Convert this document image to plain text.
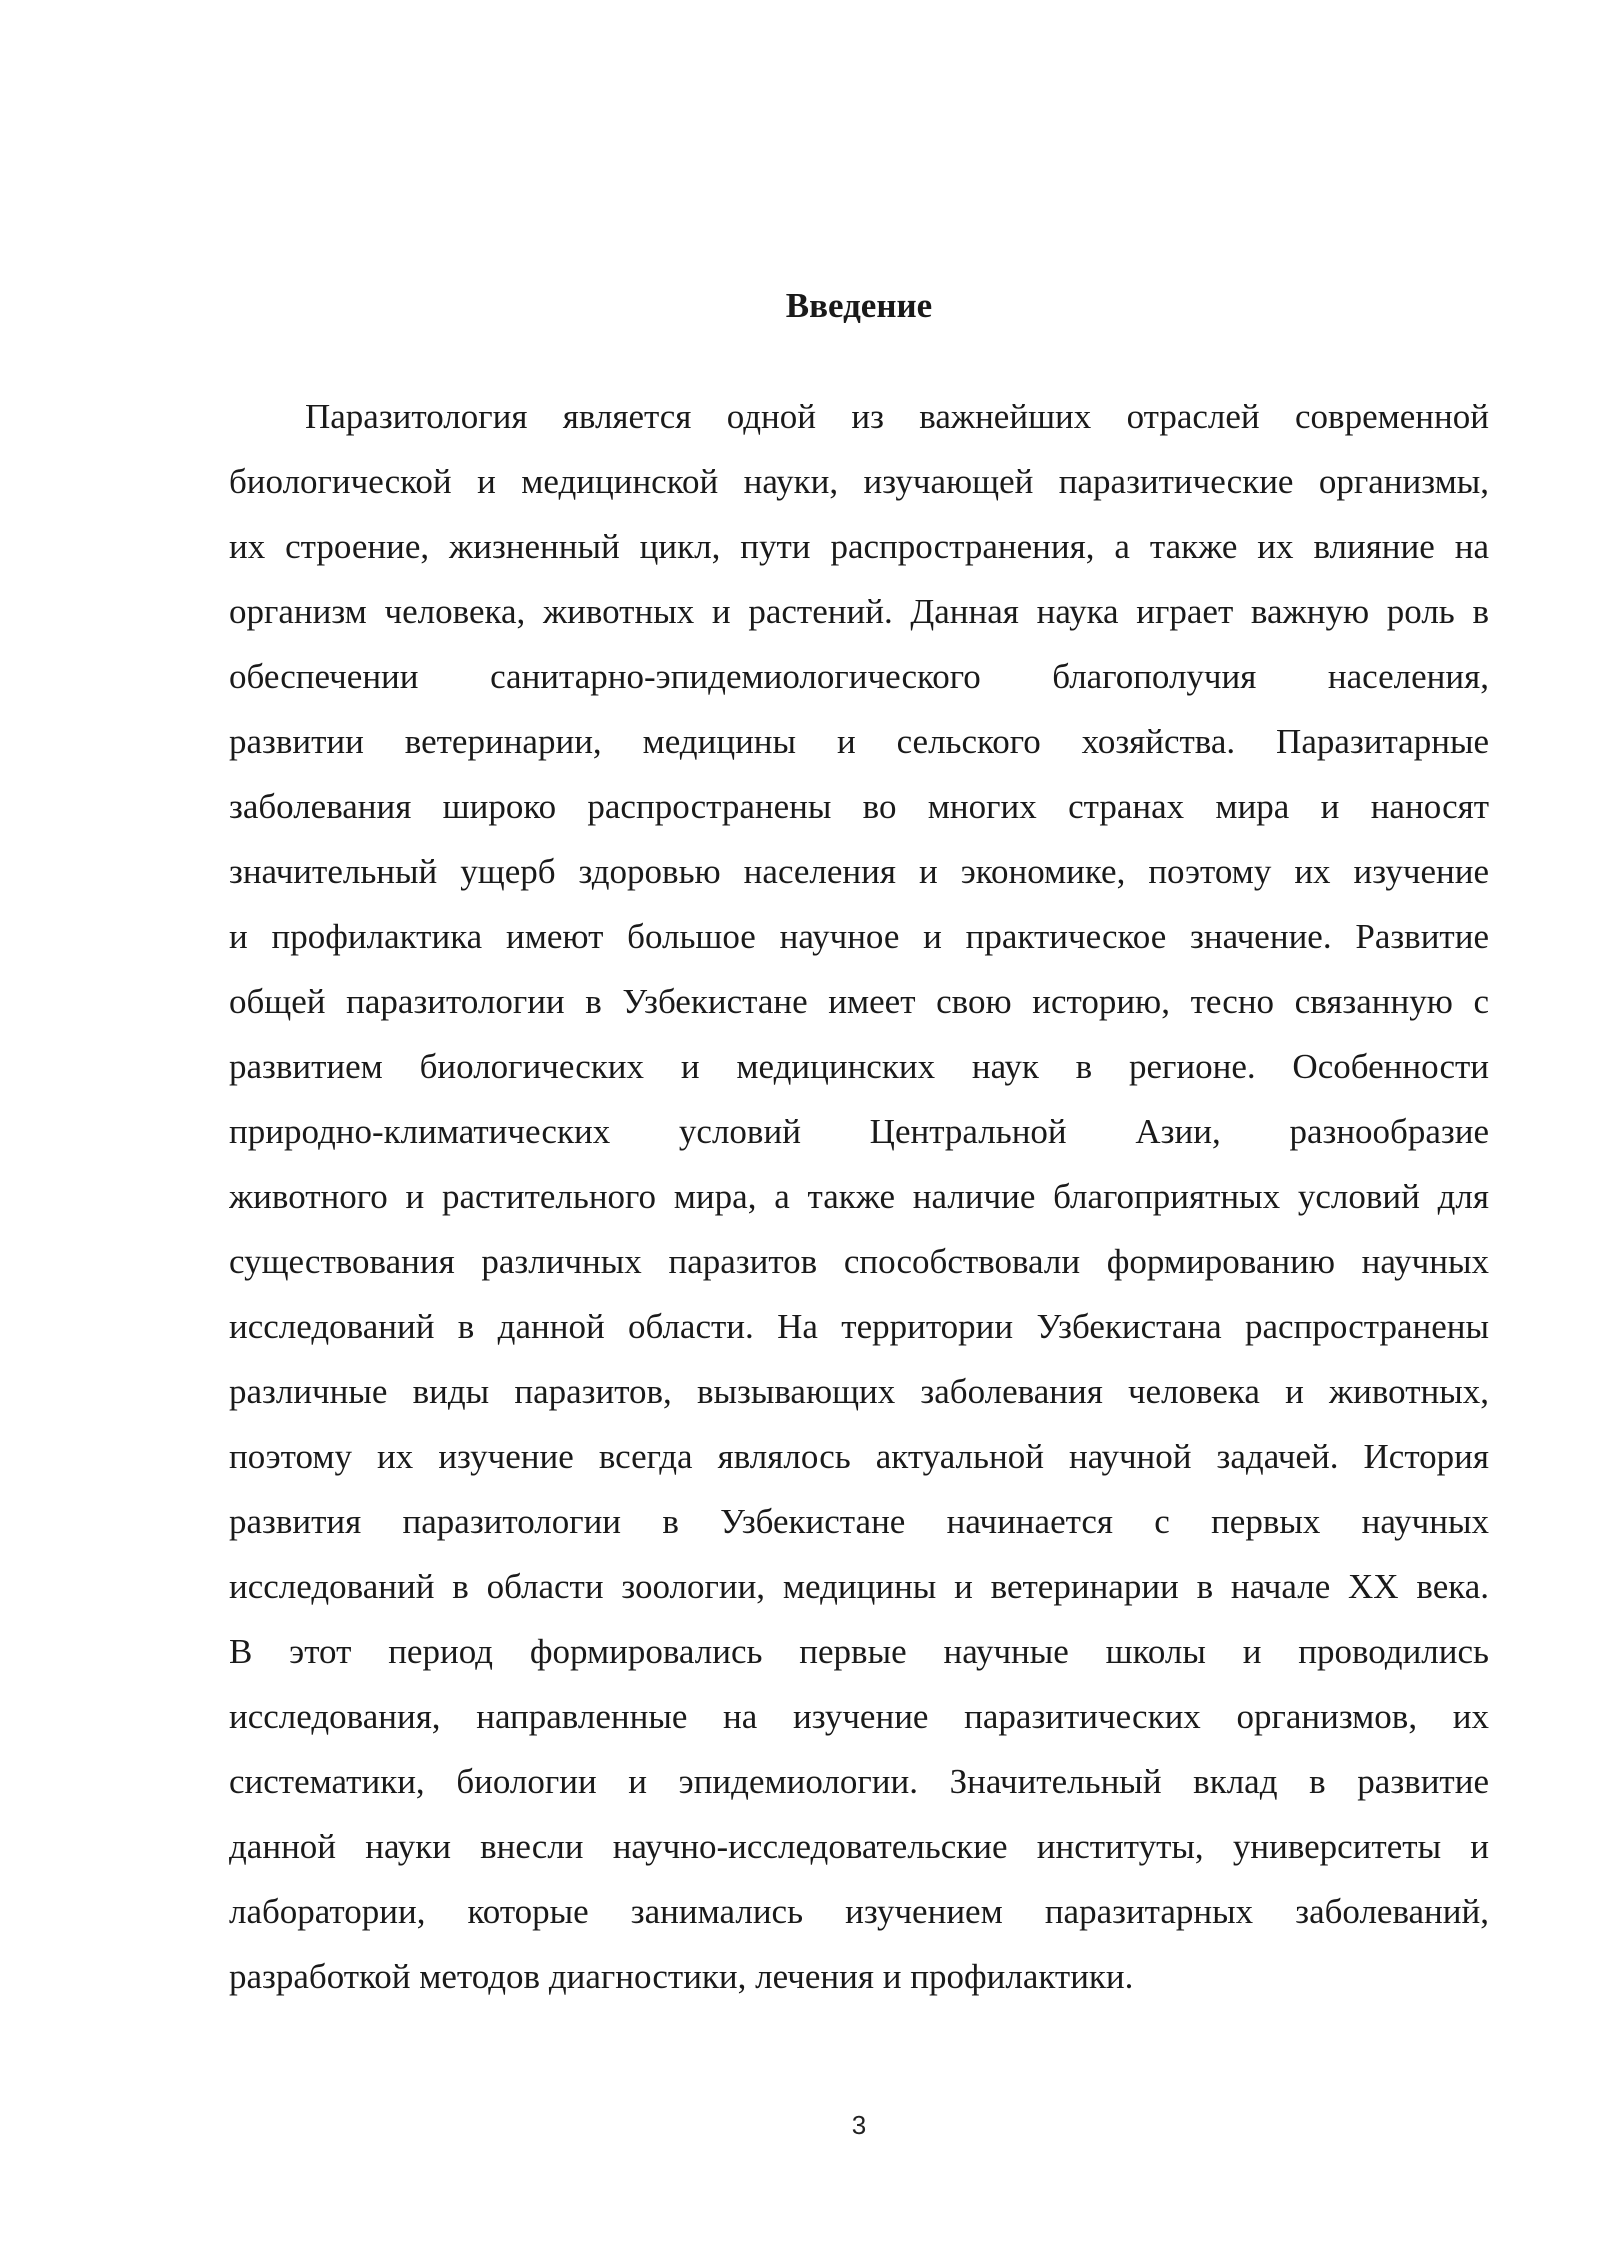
Введение
Паразитология является одной из важнейших отраслей современной
биологической и медицинской науки, изучающей паразитические организмы,
их строение, жизненный цикл, пути распространения, а также их влияние на
организм человека, животных и растений. Данная наука играет важную роль в
обеспечении санитарно-эпидемиологического благополучия населения,
развитии ветеринарии, медицины и сельского хозяйства. Паразитарные
заболевания широко распространены во многих странах мира и наносят
значительный ущерб здоровью населения и экономике, поэтому их изучение
и профилактика имеют большое научное и практическое значение. Развитие
общей паразитологии в Узбекистане имеет свою историю, тесно связанную с
развитием биологических и медицинских наук в регионе. Особенности
природно-климатических условий Центральной Азии, разнообразие
животного и растительного мира, а также наличие благоприятных условий для
существования различных паразитов способствовали формированию научных
исследований в данной области. На территории Узбекистана распространены
различные виды паразитов, вызывающих заболевания человека и животных,
поэтому их изучение всегда являлось актуальной научной задачей. История
развития паразитологии в Узбекистане начинается с первых научных
исследований в области зоологии, медицины и ветеринарии в начале XX века.
В этот период формировались первые научные школы и проводились
исследования, направленные на изучение паразитических организмов, их
систематики, биологии и эпидемиологии. Значительный вклад в развитие
данной науки внесли научно-исследовательские институты, университеты и
лаборатории, которые занимались изучением паразитарных заболеваний,
разработкой методов диагностики, лечения и профилактики.
3
